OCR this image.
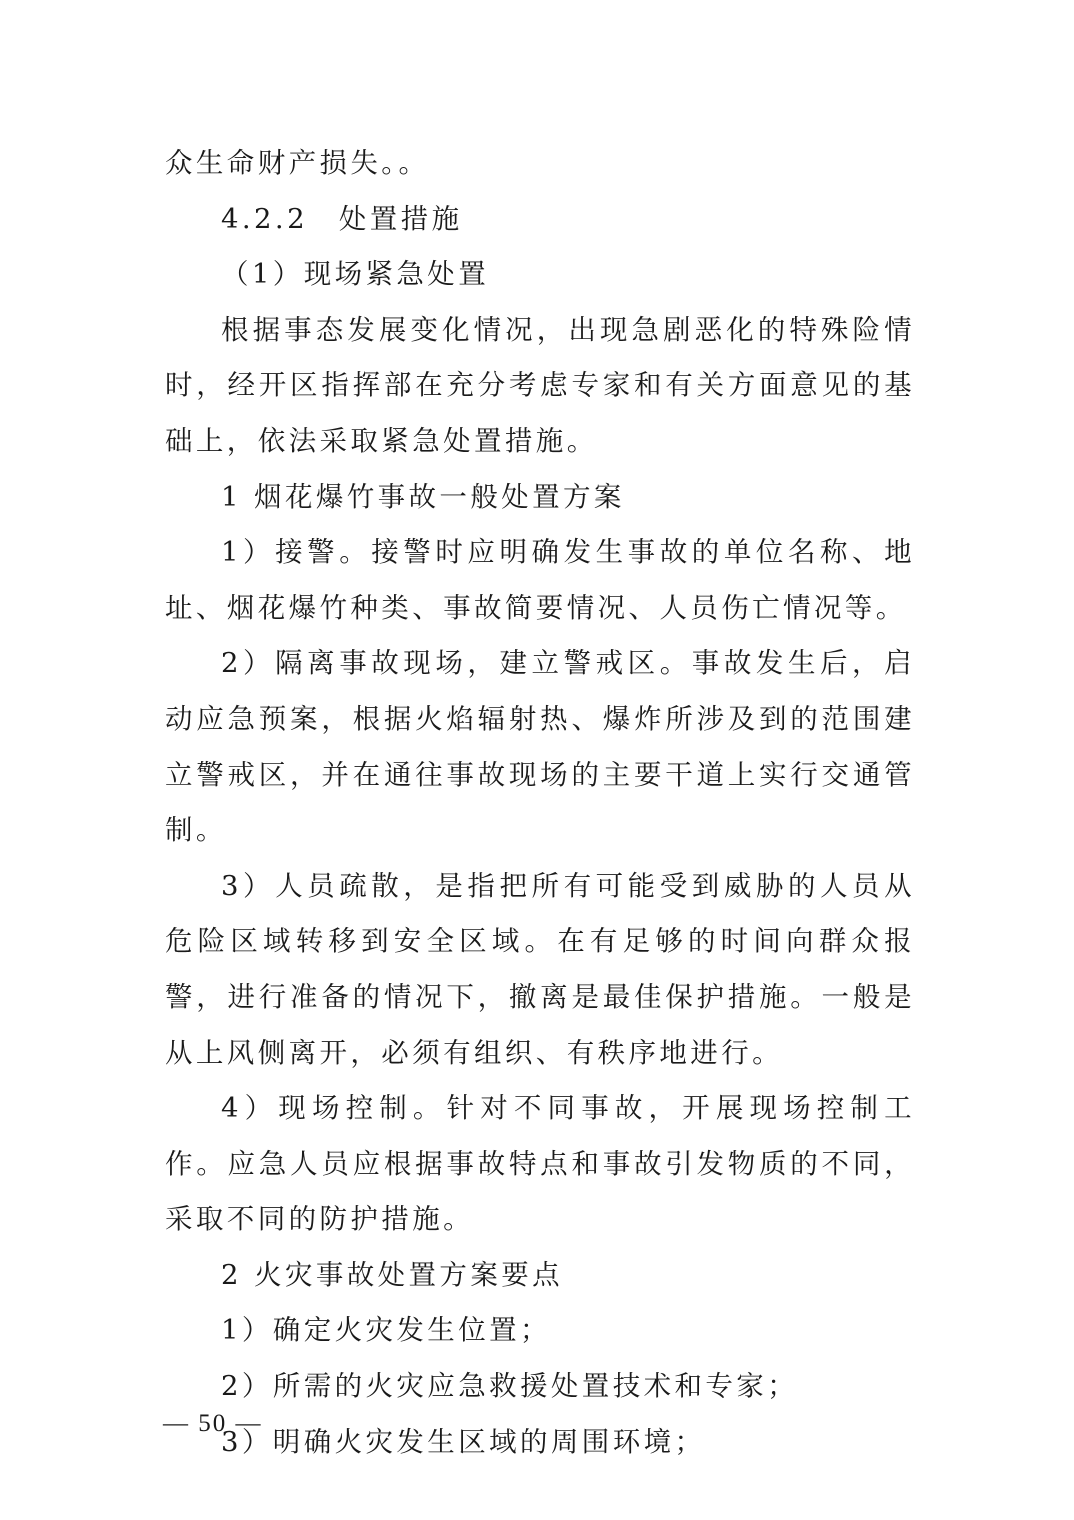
众生命财产损失。。

4.2.2　处置措施

（1）现场紧急处置

根据事态发展变化情况，出现急剧恶化的特殊险情时，经开区指挥部在充分考虑专家和有关方面意见的基础上，依法采取紧急处置措施。

1 烟花爆竹事故一般处置方案

1）接警。接警时应明确发生事故的单位名称、地址、烟花爆竹种类、事故简要情况、人员伤亡情况等。

2）隔离事故现场，建立警戒区。事故发生后，启动应急预案，根据火焰辐射热、爆炸所涉及到的范围建立警戒区，并在通往事故现场的主要干道上实行交通管制。

3）人员疏散，是指把所有可能受到威胁的人员从危险区域转移到安全区域。在有足够的时间向群众报警，进行准备的情况下，撤离是最佳保护措施。一般是从上风侧离开，必须有组织、有秩序地进行。

4）现场控制。针对不同事故，开展现场控制工作。应急人员应根据事故特点和事故引发物质的不同，采取不同的防护措施。

2 火灾事故处置方案要点

1）确定火灾发生位置；

2）所需的火灾应急救援处置技术和专家；

3）明确火灾发生区域的周围环境；

— 50 —
